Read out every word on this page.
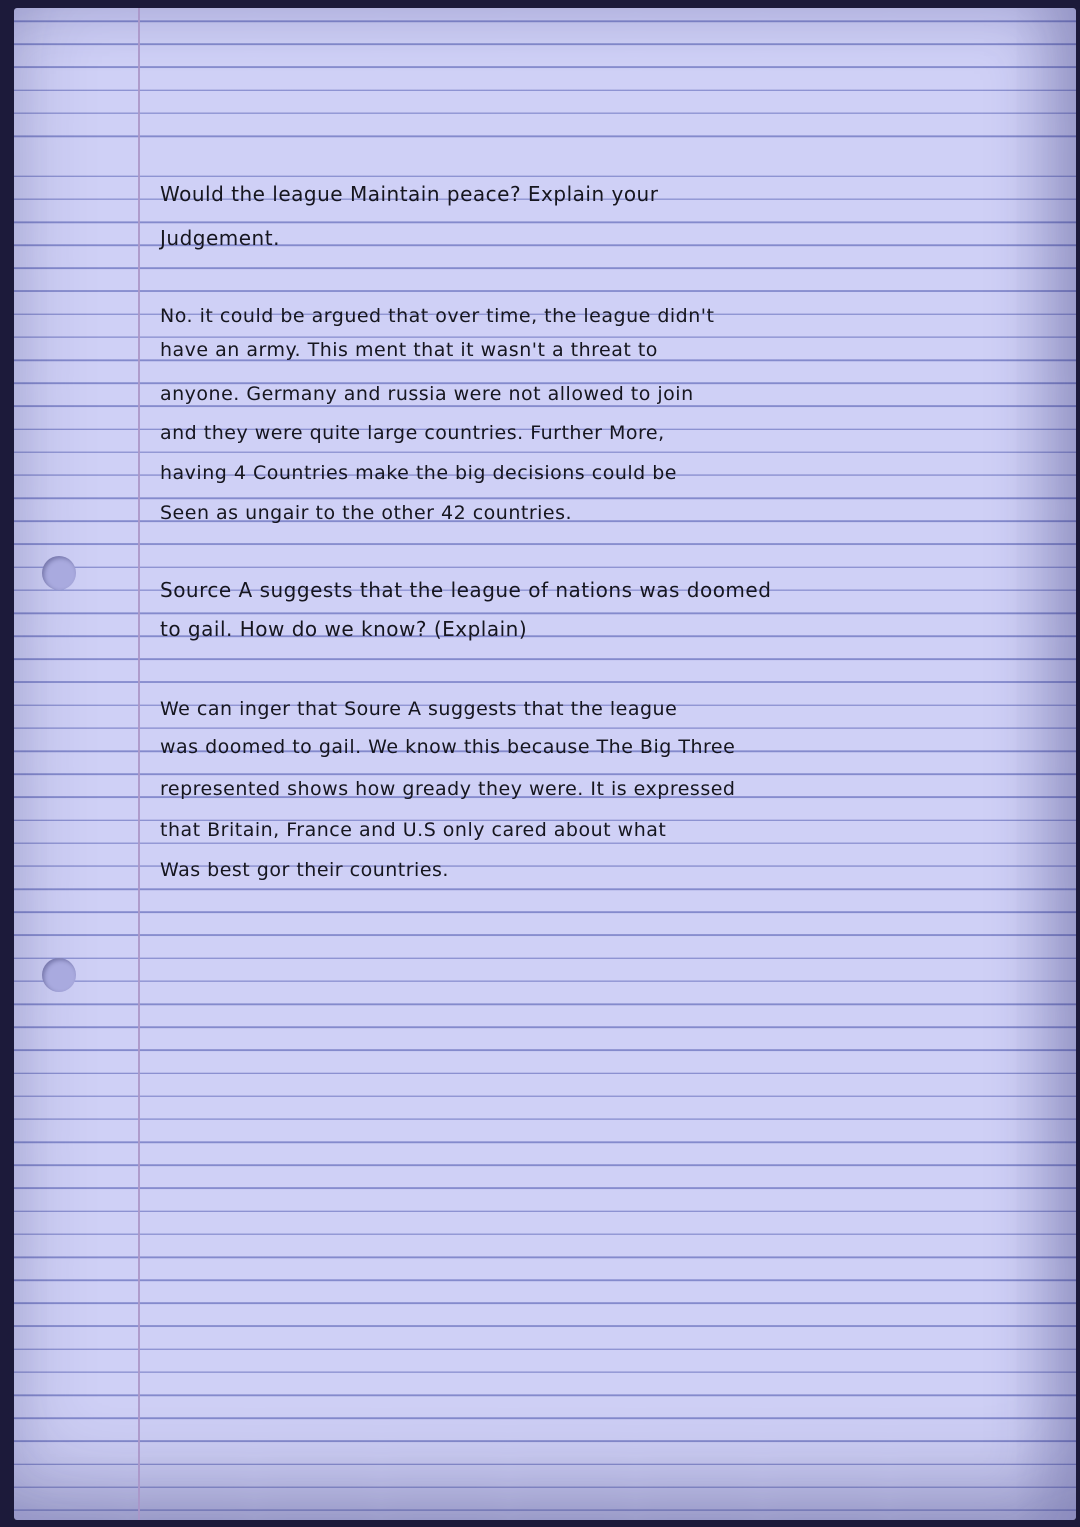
Would the league Maintain peace? Explain your
Judgement.
No. it could be argued that over time, the league didn't
have an army. This ment that it wasn't a threat to
anyone. Germany and russia were not allowed to join
and they were quite large countries. Further More,
having 4 Countries make the big decisions could be
Seen as ungair to the other 42 countries.
Source A suggests that the league of nations was doomed
to gail. How do we know? (Explain)
We can inger that Soure A suggests that the league
was doomed to gail. We know this because The Big Three
represented shows how gready they were. It is expressed
that Britain, France and U.S only cared about what
Was best gor their countries.
